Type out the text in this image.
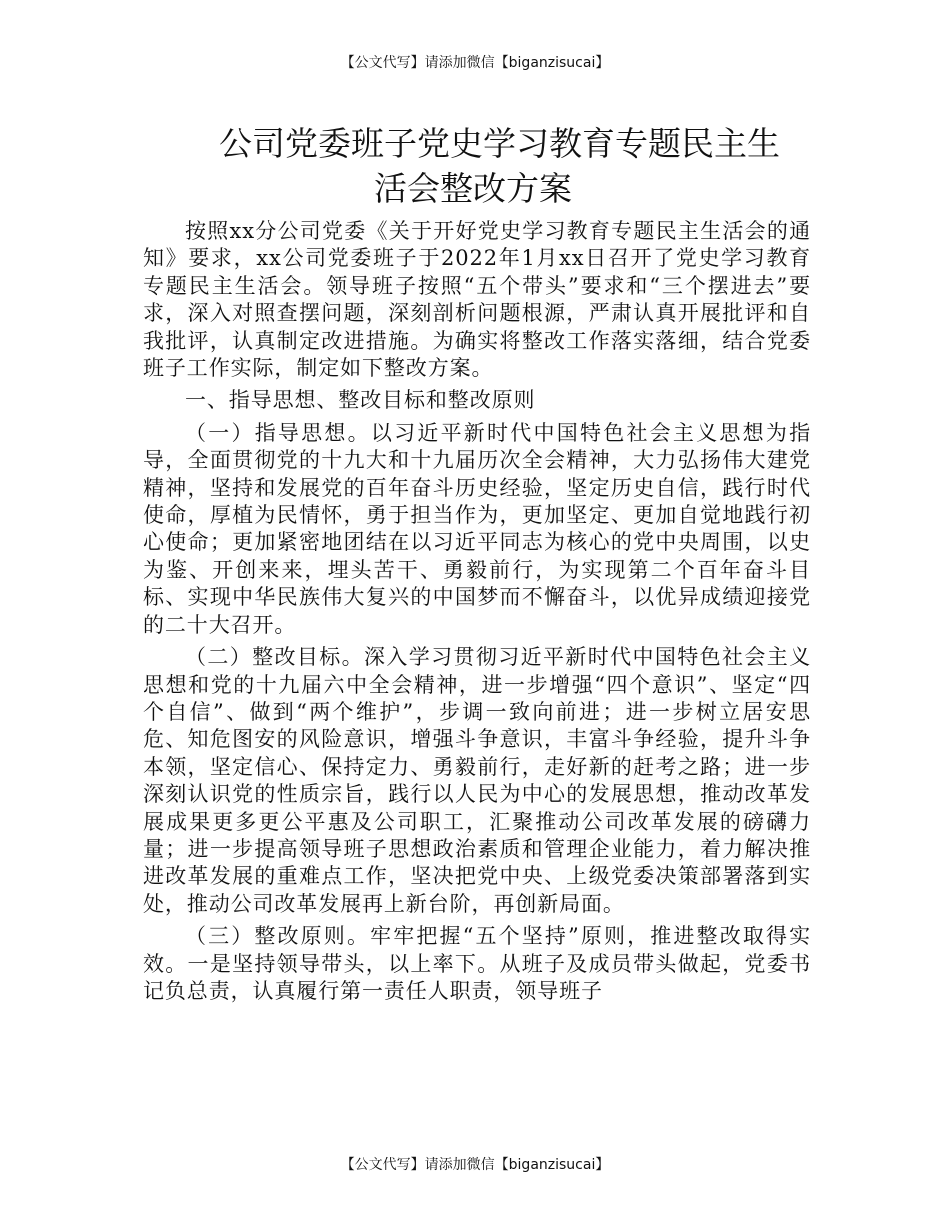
【公文代写】请添加微信【biganzisucai】
公司党委班子党史学习教育专题民主生
活会整改方案

按照xx分公司党委《关于开好党史学习教育专题民主生活会的通知》要求，xx公司党委班子于2022年1月xx日召开了党史学习教育专题民主生活会。领导班子按照“五个带头”要求和“三个摆进去”要求，深入对照查摆问题，深刻剖析问题根源，严肃认真开展批评和自我批评，认真制定改进措施。为确实将整改工作落实落细，结合党委班子工作实际，制定如下整改方案。

一、指导思想、整改目标和整改原则

（一）指导思想。以习近平新时代中国特色社会主义思想为指导，全面贯彻党的十九大和十九届历次全会精神，大力弘扬伟大建党精神，坚持和发展党的百年奋斗历史经验，坚定历史自信，践行时代使命，厚植为民情怀，勇于担当作为，更加坚定、更加自觉地践行初心使命；更加紧密地团结在以习近平同志为核心的党中央周围，以史为鉴、开创来来，埋头苦干、勇毅前行，为实现第二个百年奋斗目标、实现中华民族伟大复兴的中国梦而不懈奋斗，以优异成绩迎接党的二十大召开。

（二）整改目标。深入学习贯彻习近平新时代中国特色社会主义思想和党的十九届六中全会精神，进一步增强“四个意识”、坚定“四个自信”、做到“两个维护”，步调一致向前进；进一步树立居安思危、知危图安的风险意识，增强斗争意识，丰富斗争经验，提升斗争本领，坚定信心、保持定力、勇毅前行，走好新的赶考之路；进一步深刻认识党的性质宗旨，践行以人民为中心的发展思想，推动改革发展成果更多更公平惠及公司职工，汇聚推动公司改革发展的磅礴力量；进一步提高领导班子思想政治素质和管理企业能力，着力解决推进改革发展的重难点工作，坚决把党中央、上级党委决策部署落到实处，推动公司改革发展再上新台阶，再创新局面。

（三）整改原则。牢牢把握“五个坚持”原则，推进整改取得实效。一是坚持领导带头，以上率下。从班子及成员带头做起，党委书记负总责，认真履行第一责任人职责，领导班子

【公文代写】请添加微信【biganzisucai】
